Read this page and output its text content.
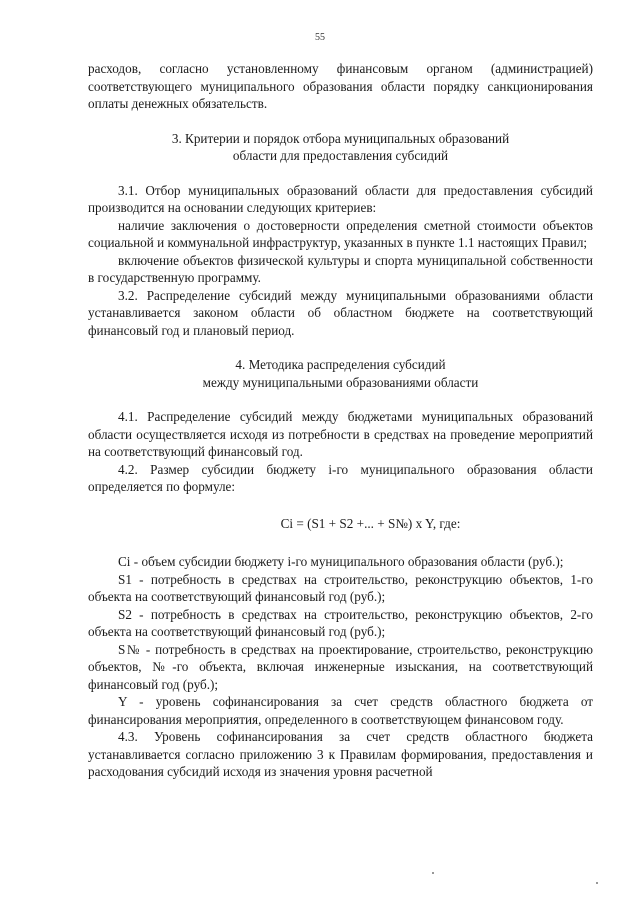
55

расходов, согласно установленному финансовым органом (администрацией) соответствующего муниципального образования области порядку санкционирования оплаты денежных обязательств.

3. Критерии и порядок отбора муниципальных образований

области для предоставления субсидий

3.1. Отбор муниципальных образований области для предоставления субсидий производится на основании следующих критериев:

наличие заключения о достоверности определения сметной стоимости объектов социальной и коммунальной инфраструктур, указанных в пункте 1.1 настоящих Правил;

включение объектов физической культуры и спорта муниципальной собственности в государственную программу.

3.2. Распределение субсидий между муниципальными образованиями области устанавливается законом области об областном бюджете на соответствующий финансовый год и плановый период.

4. Методика распределения субсидий

между муниципальными образованиями области

4.1. Распределение субсидий между бюджетами муниципальных образований области осуществляется исходя из потребности в средствах на проведение мероприятий на соответствующий финансовый год.

4.2. Размер субсидии бюджету i-го муниципального образования области определяется по формуле:

Ci = (S1 + S2 +... + S№) x Y, где:

Ci - объем субсидии бюджету i-го муниципального образования области (руб.);

S1 - потребность в средствах на строительство, реконструкцию объектов, 1-го объекта на соответствующий финансовый год (руб.);

S2 - потребность в средствах на строительство, реконструкцию объектов, 2-го объекта на соответствующий финансовый год (руб.);

S№ - потребность в средствах на проектирование, строительство, реконструкцию объектов, №-го объекта, включая инженерные изыскания, на соответствующий финансовый год (руб.);

Y - уровень софинансирования за счет средств областного бюджета от финансирования мероприятия, определенного в соответствующем финансовом году.

4.3. Уровень софинансирования за счет средств областного бюджета устанавливается согласно приложению 3 к Правилам формирования, предоставления и расходования субсидий исходя из значения уровня расчетной
